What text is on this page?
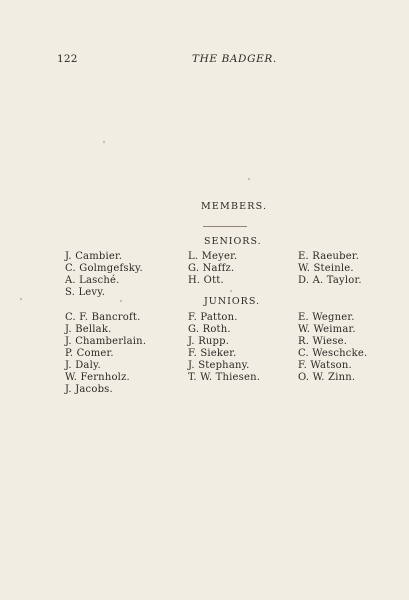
122	THE BADGER.
MEMBERS.
SENIORS.
J. Cambier.
C. Golmgefsky.
A. Lasché.
S. Levy.
L. Meyer.
G. Naffz.
H. Ott.
E. Raeuber.
W. Steinle.
D. A. Taylor.
JUNIORS.
C. F. Bancroft.
J. Bellak.
J. Chamberlain.
P. Comer.
J. Daly.
W. Fernholz.
J. Jacobs.
F. Patton.
G. Roth.
J. Rupp.
F. Sieker.
J. Stephany.
T. W. Thiesen.
E. Wegner.
W. Weimar.
R. Wiese.
C. Weschcke.
F. Watson.
O. W. Zinn.
